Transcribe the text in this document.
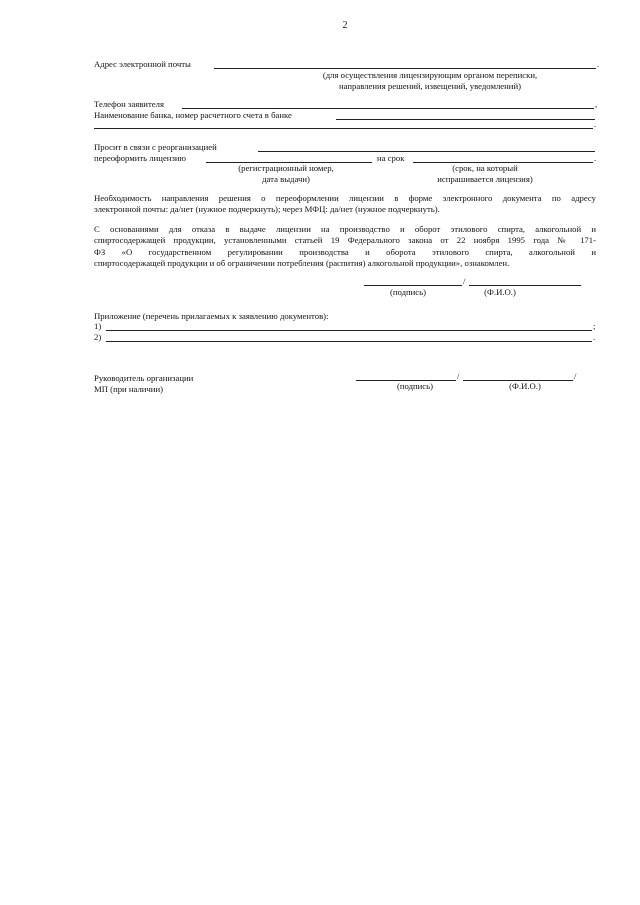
2
Адрес электронной почты	.
(для осуществления лицензирующим органом переписки,
направления решений, извещений, уведомлений)
Телефон заявителя	,
Наименование банка, номер расчетного счета в банке
.
Просит в связи с реорганизацией
переоформить лицензию	на срок	.
(регистрационный номер,
дата выдачи)
(срок, на который
испрашивается лицензия)
Необходимость направления решения о переоформлении лицензии в форме электронного документа по адресу
электронной почты: да/нет (нужное подчеркнуть); через МФЦ: да/нет (нужное подчеркнуть).
С основаниями для отказа в выдаче лицензии на производство и оборот этилового спирта, алкогольной и
спиртосодержащей продукции, установленными статьей 19 Федерального закона от 22 ноября 1995 года № 171-
ФЗ «О государственном регулировании производства и оборота этилового спирта, алкогольной и
спиртосодержащей продукции и об ограничении потребления (распития) алкогольной продукции», ознакомлен.
/
(подпись)	(Ф.И.О.)
Приложение (перечень прилагаемых к заявлению документов):
1)	;
2)	.
Руководитель организации
МП (при наличии)
/	/
(подпись)	(Ф.И.О.)
